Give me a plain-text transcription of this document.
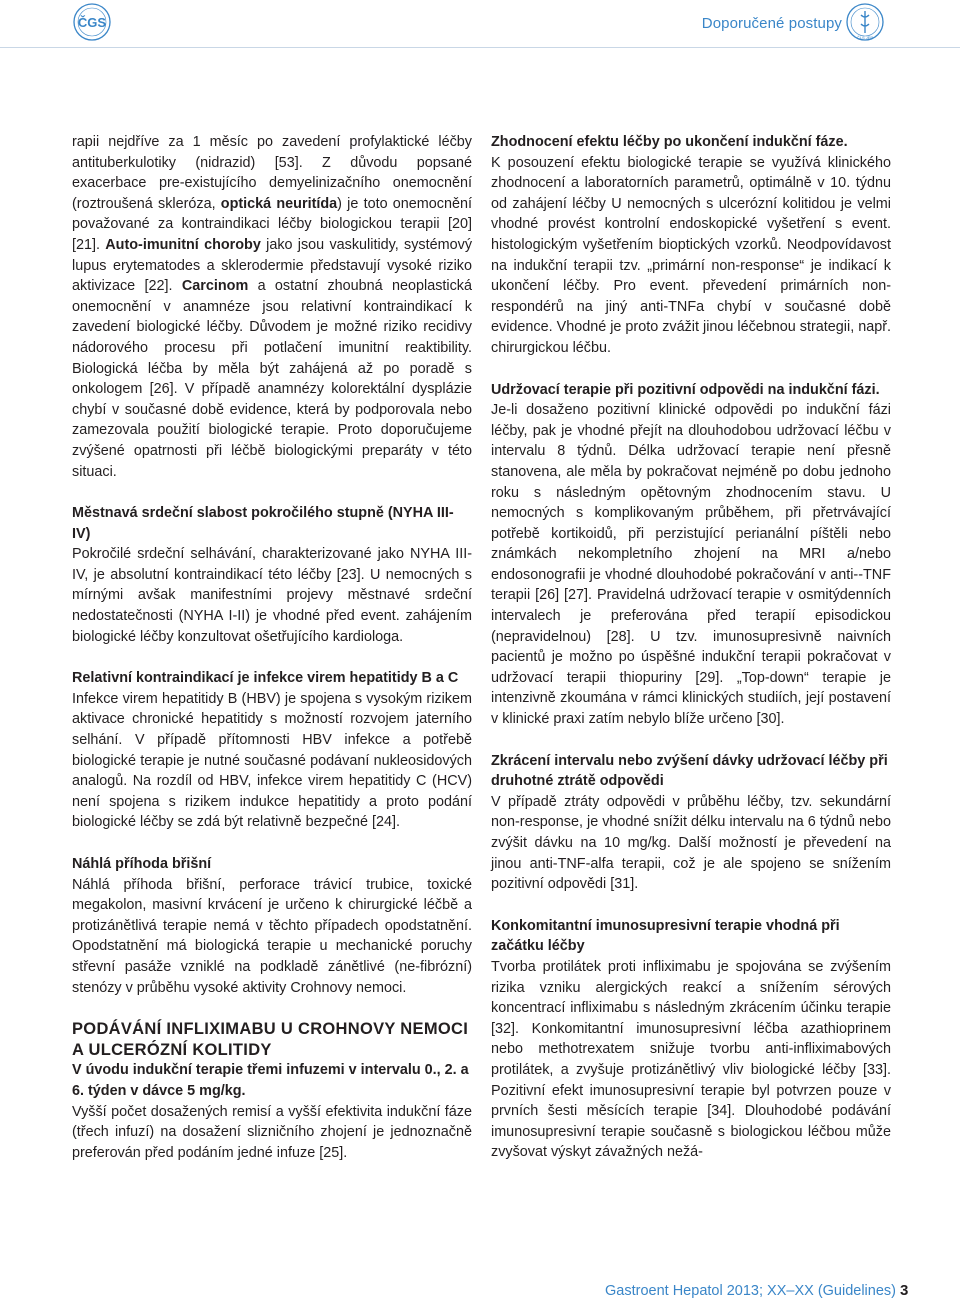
ČGS	Doporučené postupy
ČLS JEP

rapii nejdříve za 1 měsíc po zavedení profylaktické léčby antituberkulotiky (nidrazid) [53]. Z důvodu popsané exacerbace pre-existujícího demyelinizačního onemocnění (roztroušená skleróza, optická neuritída) je toto onemocnění považované za kontraindikaci léčby biologickou terapii [20] [21]. Auto-imunitní choroby jako jsou vaskulitidy, systémový lupus erytematodes a sklerodermie představují vysoké riziko aktivizace [22]. Carcinom a ostatní zhoubná neoplastická onemocnění v anamnéze jsou relativní kontraindikací k zavedení biologické léčby. Důvodem je možné riziko recidivy nádorového procesu při potlačení imunitní reaktibility. Biologická léčba by měla být zahájená až po poradě s onkologem [26]. V případě anamnézy kolorektální dysplázie chybí v současné době evidence, která by podporovala nebo zamezovala použití biologické terapie. Proto doporučujeme zvýšené opatrnosti při léčbě biologickými preparáty v této situaci.

Městnavá srdeční slabost pokročilého stupně (NYHA III-IV)

Pokročilé srdeční selhávání, charakterizované jako NYHA III-IV, je absolutní kontraindikací této léčby [23]. U nemocných s mírnými avšak manifestními projevy městnavé srdeční nedostatečnosti (NYHA I-II) je vhodné před event. zahájením biologické léčby konzultovat ošetřujícího kardiologa.

Relativní kontraindikací je infekce virem hepatitidy B a C

Infekce virem hepatitidy B (HBV) je spojena s vysokým rizikem aktivace chronické hepatitidy s možností rozvojem jaterního selhání. V případě přítomnosti HBV infekce a potřebě biologické terapie je nutné současné podávaní nukleosidových analogů. Na rozdíl od HBV, infekce virem hepatitidy C (HCV) není spojena s rizikem indukce hepatitidy a proto podání biologické léčby se zdá být relativně bezpečné [24].

Náhlá příhoda břišní

Náhlá příhoda břišní, perforace trávicí trubice, toxické megakolon, masivní krvácení je určeno k chirurgické léčbě a protizánětlivá terapie nemá v těchto případech opodstatnění. Opodstatnění má biologická terapie u mechanické poruchy střevní pasáže vzniklé na podkladě zánětlivé (ne-fibrózní) stenózy v průběhu vysoké aktivity Crohnovy nemoci.

PODÁVÁNÍ INFLIXIMABU U CROHNOVY NEMOCI A ULCERÓZNÍ KOLITIDY
V úvodu indukční terapie třemi infuzemi v intervalu 0., 2. a 6. týden v dávce 5 mg/kg.

Vyšší počet dosažených remisí a vyšší efektivita indukční fáze (třech infuzí) na dosažení slizničního zhojení je jednoznačně preferován před podáním jedné infuze [25].

Zhodnocení efektu léčby po ukončení indukční fáze.

K posouzení efektu biologické terapie se využívá klinického zhodnocení a laboratorních parametrů, optimálně v 10. týdnu od zahájení léčby U nemocných s ulcerózní kolitidou je velmi vhodné provést kontrolní endoskopické vyšetření s event. histologickým vyšetřením bioptických vzorků. Neodpovídavost na indukční terapii tzv. „primární non-response“ je indikací k ukončení léčby. Pro event. převedení primárních non-respondérů na jiný anti-TNFa chybí v současné době evidence. Vhodné je proto zvážit jinou léčebnou strategii, např. chirurgickou léčbu.

Udržovací terapie při pozitivní odpovědi na indukční fázi.

Je-li dosaženo pozitivní klinické odpovědi po indukční fázi léčby, pak je vhodné přejít na dlouhodobou udržovací léčbu v intervalu 8 týdnů. Délka udržovací terapie není přesně stanovena, ale měla by pokračovat nejméně po dobu jednoho roku s následným opětovným zhodnocením stavu. U nemocných s komplikovaným průběhem, při přetrvávající potřebě kortikoidů, při perzistující perianální píštěli nebo známkách nekompletního zhojení na MRI a/nebo endosonografii je vhodné dlouhodobé pokračování v anti--TNF terapii [26] [27]. Pravidelná udržovací terapie v osmitýdenních intervalech je preferována před terapií episodickou (nepravidelnou) [28]. U tzv. imunosupresivně naivních pacientů je možno po úspěšné indukční terapii pokračovat v udržovací terapii thiopuriny [29]. „Top-down“ terapie je intenzivně zkoumána v rámci klinických studiích, její postavení v klinické praxi zatím nebylo blíže určeno [30].

Zkrácení intervalu nebo zvýšení dávky udržovací léčby při druhotné ztrátě odpovědi

V případě ztráty odpovědi v průběhu léčby, tzv. sekundární non-response, je vhodné snížit délku intervalu na 6 týdnů nebo zvýšit dávku na 10 mg/kg. Další možností je převedení na jinou anti-TNF-alfa terapii, což je ale spojeno se snížením pozitivní odpovědi [31].

Konkomitantní imunosupresivní terapie vhodná při začátku léčby

Tvorba protilátek proti infliximabu je spojována se zvýšením rizika vzniku alergických reakcí a snížením sérových koncentrací infliximabu s následným zkrácením účinku terapie [32]. Konkomitantní imunosupresivní léčba azathioprinem nebo methotrexatem snižuje tvorbu anti-infliximabových protilátek, a zvyšuje protizánětlivý vliv biologické léčby [33]. Pozitivní efekt imunosupresivní terapie byl potvrzen pouze v prvních šesti měsících terapie [34]. Dlouhodobé podávání imunosupresivní terapie současně s biologickou léčbou může zvyšovat výskyt závažných nežá-

Gastroent Hepatol 2013; XX–XX (Guidelines) 3
